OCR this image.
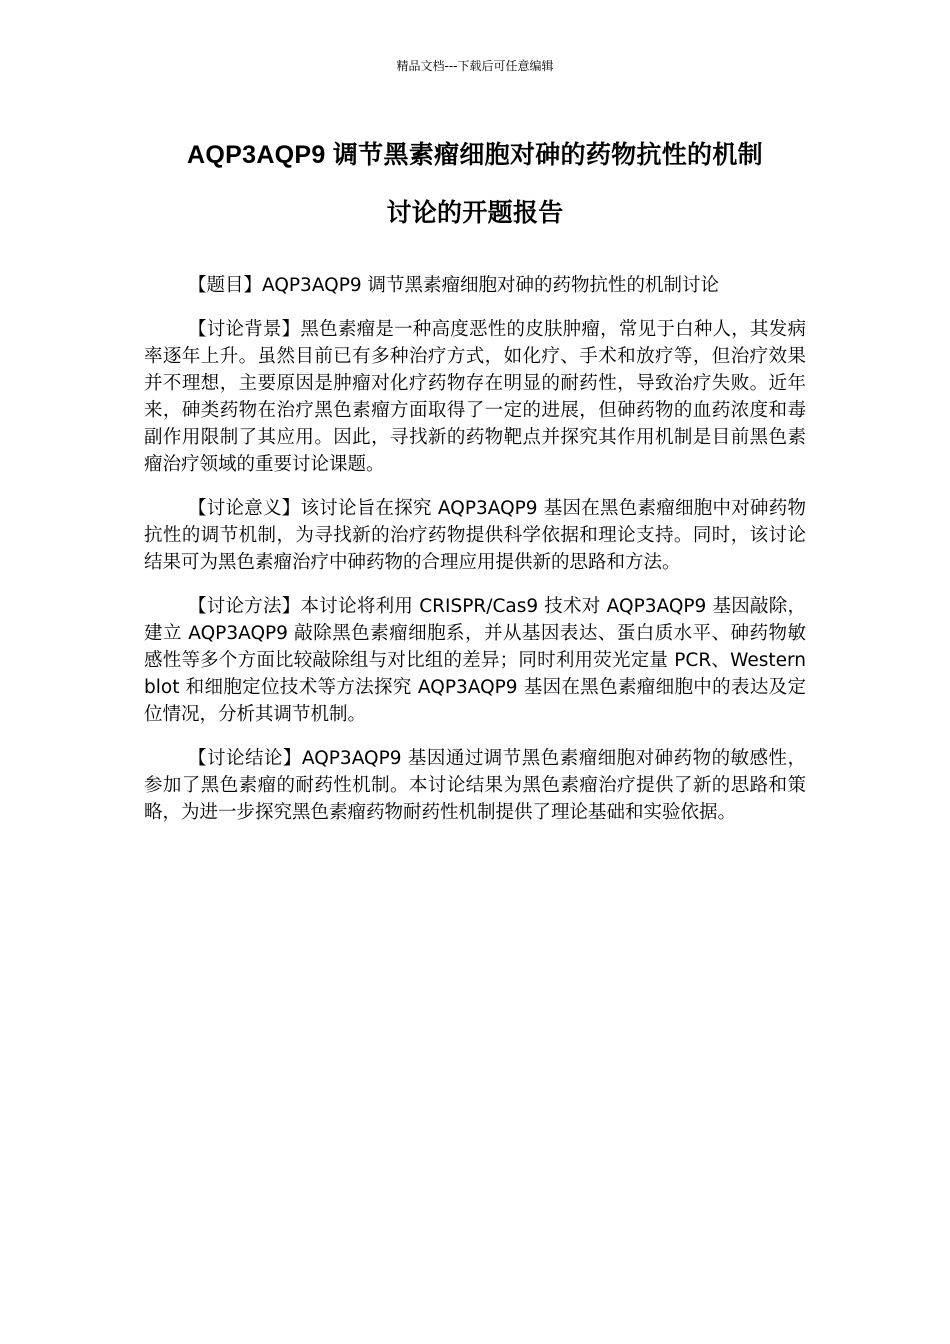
精品文档---下载后可任意编辑
AQP3AQP9 调节黑素瘤细胞对砷的药物抗性的机制
讨论的开题报告

【题目】AQP3AQP9 调节黑素瘤细胞对砷的药物抗性的机制讨论

【讨论背景】黑色素瘤是一种高度恶性的皮肤肿瘤，常见于白种人，其发病率逐年上升。虽然目前已有多种治疗方式，如化疗、手术和放疗等，但治疗效果并不理想，主要原因是肿瘤对化疗药物存在明显的耐药性，导致治疗失败。近年来，砷类药物在治疗黑色素瘤方面取得了一定的进展，但砷药物的血药浓度和毒副作用限制了其应用。因此，寻找新的药物靶点并探究其作用机制是目前黑色素瘤治疗领域的重要讨论课题。

【讨论意义】该讨论旨在探究 AQP3AQP9 基因在黑色素瘤细胞中对砷药物抗性的调节机制，为寻找新的治疗药物提供科学依据和理论支持。同时，该讨论结果可为黑色素瘤治疗中砷药物的合理应用提供新的思路和方法。

【讨论方法】本讨论将利用 CRISPR/Cas9 技术对 AQP3AQP9 基因敲除，建立 AQP3AQP9 敲除黑色素瘤细胞系，并从基因表达、蛋白质水平、砷药物敏感性等多个方面比较敲除组与对比组的差异；同时利用荧光定量 PCR、Western blot 和细胞定位技术等方法探究 AQP3AQP9 基因在黑色素瘤细胞中的表达及定位情况，分析其调节机制。

【讨论结论】AQP3AQP9 基因通过调节黑色素瘤细胞对砷药物的敏感性，参加了黑色素瘤的耐药性机制。本讨论结果为黑色素瘤治疗提供了新的思路和策略，为进一步探究黑色素瘤药物耐药性机制提供了理论基础和实验依据。
